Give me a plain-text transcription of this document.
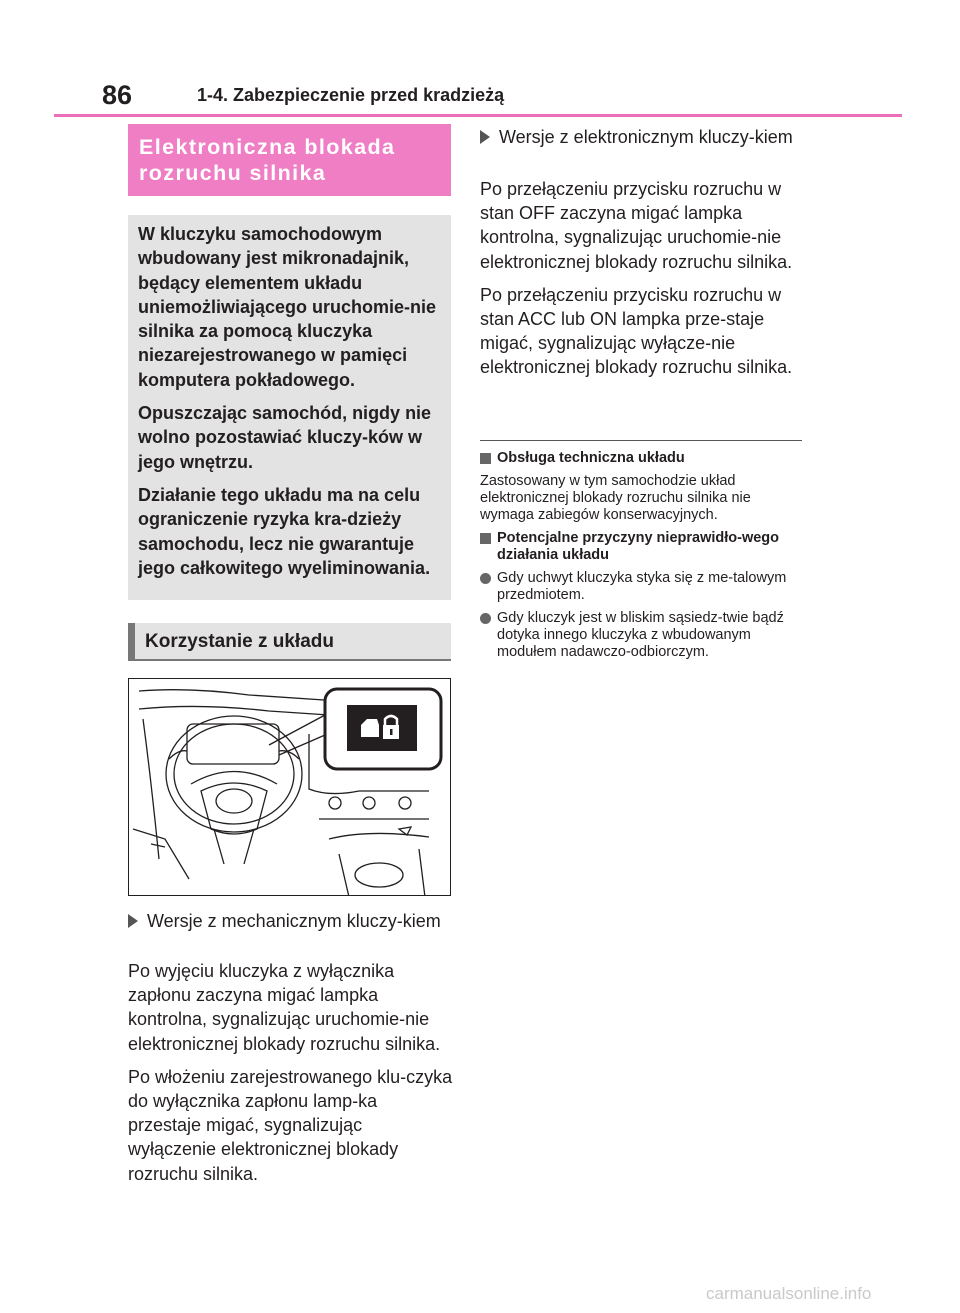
86	1-4. Zabezpieczenie przed kradzieżą
Elektroniczna blokada rozruchu silnika

W kluczyku samochodowym wbudowany jest mikronadajnik, będący elementem układu uniemożliwiającego uruchomie-nie silnika za pomocą kluczyka niezarejestrowanego w pamięci komputera pokładowego.

Opuszczając samochód, nigdy nie wolno pozostawiać kluczy-ków w jego wnętrzu.

Działanie tego układu ma na celu ograniczenie ryzyka kra-dzieży samochodu, lecz nie gwarantuje jego całkowitego wyeliminowania.

Korzystanie z układu
Wersje z mechanicznym kluczy-kiem

Po wyjęciu kluczyka z wyłącznika zapłonu zaczyna migać lampka kontrolna, sygnalizując uruchomie-nie elektronicznej blokady rozruchu silnika.

Po włożeniu zarejestrowanego klu-czyka do wyłącznika zapłonu lamp-ka przestaje migać, sygnalizując wyłączenie elektronicznej blokady rozruchu silnika.

Wersje z elektronicznym kluczy-kiem

Po przełączeniu przycisku rozruchu w stan OFF zaczyna migać lampka kontrolna, sygnalizując uruchomie-nie elektronicznej blokady rozruchu silnika.

Po przełączeniu przycisku rozruchu w stan ACC lub ON lampka prze-staje migać, sygnalizując wyłącze-nie elektronicznej blokady rozruchu silnika.

Obsługa techniczna układu

Zastosowany w tym samochodzie układ elektronicznej blokady rozruchu silnika nie wymaga zabiegów konserwacyjnych.

Potencjalne przyczyny nieprawidło-wego działania układu
Gdy uchwyt kluczyka styka się z me-talowym przedmiotem.
Gdy kluczyk jest w bliskim sąsiedz-twie bądź dotyka innego kluczyka z wbudowanym modułem nadawczo-odbiorczym.
carmanualsonline.info
